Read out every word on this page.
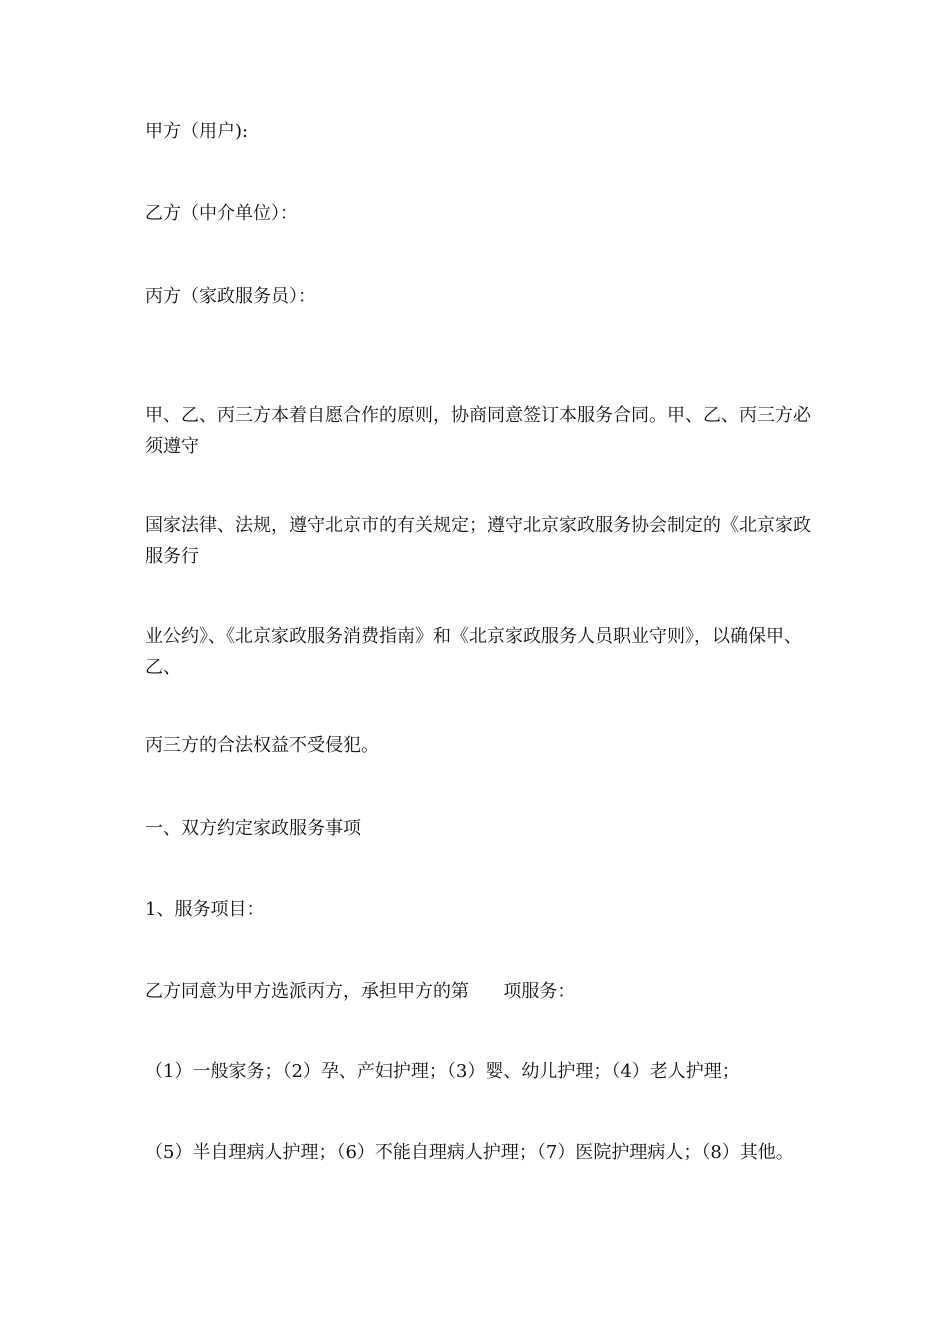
甲方（用户):

乙方（中介单位）：

丙方（家政服务员）：

甲、乙、丙三方本着自愿合作的原则，协商同意签订本服务合同。甲、乙、丙三方必须遵守

国家法律、法规，遵守北京市的有关规定；遵守北京家政服务协会制定的《北京家政服务行

业公约》、《北京家政服务消费指南》和《北京家政服务人员职业守则》，以确保甲、乙、

丙三方的合法权益不受侵犯。

一、双方约定家政服务事项

1、服务项目：

乙方同意为甲方选派丙方，承担甲方的第      项服务：

（1）一般家务；（2）孕、产妇护理；（3）婴、幼儿护理；（4）老人护理；

（5）半自理病人护理；（6）不能自理病人护理；（7）医院护理病人；（8）其他。
